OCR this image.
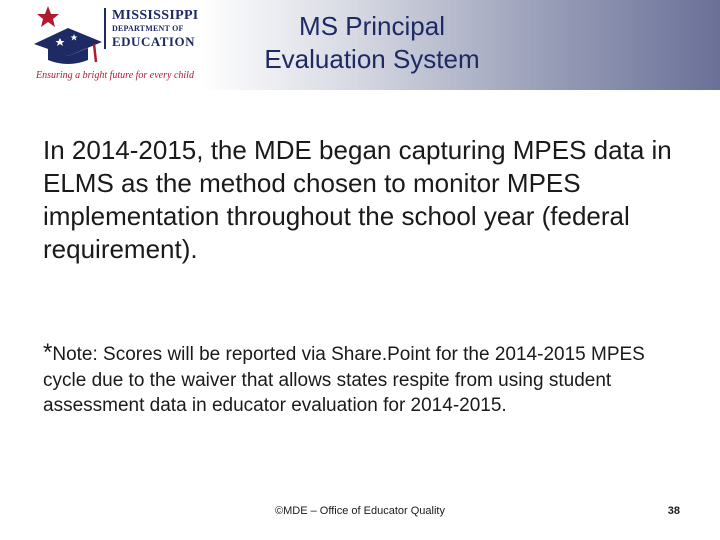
MISSISSIPPI
DEPARTMENT OF
EDUCATION
Ensuring a bright future for every child
MS Principal
Evaluation System

In 2014-2015, the MDE began capturing MPES data in ELMS as the method chosen to monitor MPES implementation throughout the school year (federal requirement).

*Note: Scores will be reported via Share.Point for the 2014-2015 MPES cycle due to the waiver that allows states respite from using student assessment data in educator evaluation for 2014-2015.

©MDE – Office of Educator Quality	38
